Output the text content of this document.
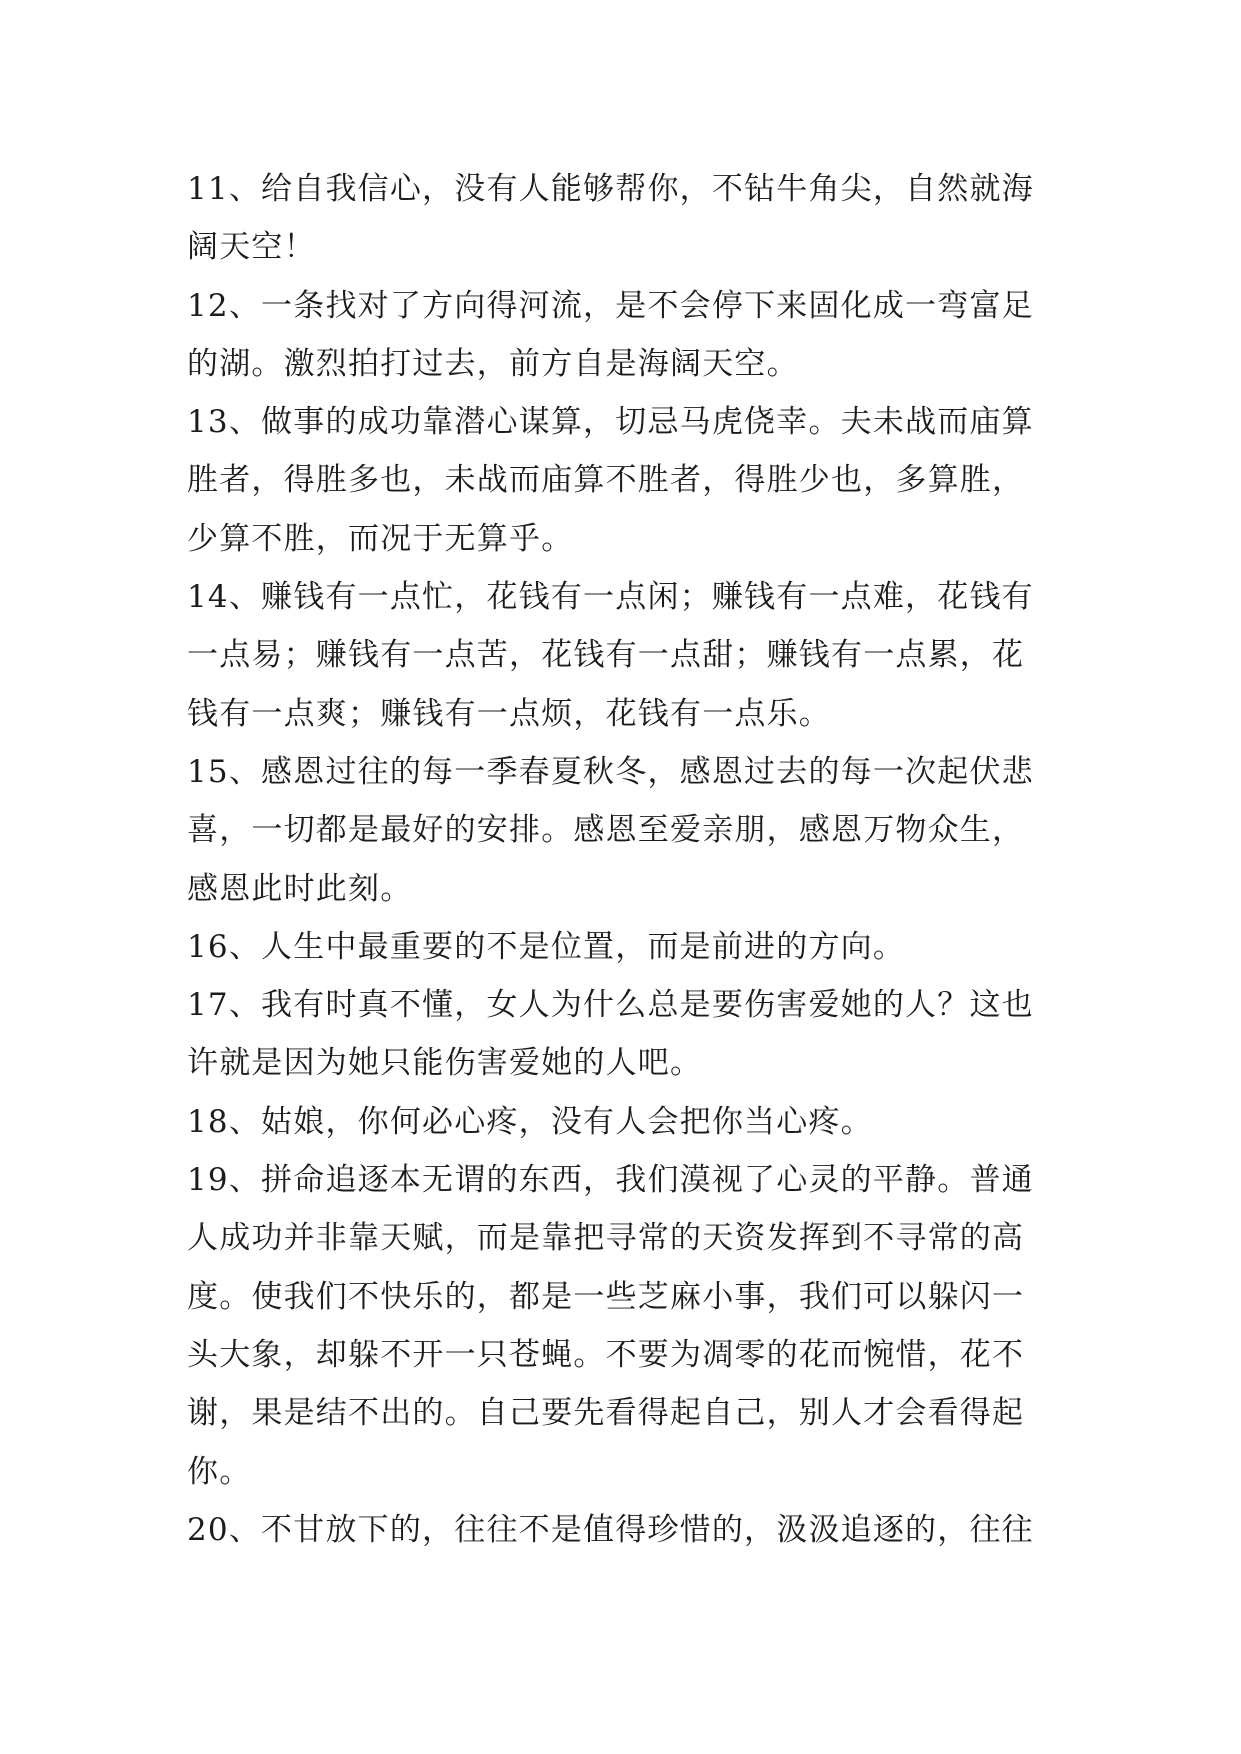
11、给自我信心，没有人能够帮你，不钻牛角尖，自然就海
阔天空！
12、一条找对了方向得河流，是不会停下来固化成一弯富足
的湖。激烈拍打过去，前方自是海阔天空。
13、做事的成功靠潜心谋算，切忌马虎侥幸。夫未战而庙算
胜者，得胜多也，未战而庙算不胜者，得胜少也，多算胜，
少算不胜，而况于无算乎。
14、赚钱有一点忙，花钱有一点闲；赚钱有一点难，花钱有
一点易；赚钱有一点苦，花钱有一点甜；赚钱有一点累，花
钱有一点爽；赚钱有一点烦，花钱有一点乐。
15、感恩过往的每一季春夏秋冬，感恩过去的每一次起伏悲
喜，一切都是最好的安排。感恩至爱亲朋，感恩万物众生，
感恩此时此刻。
16、人生中最重要的不是位置，而是前进的方向。
17、我有时真不懂，女人为什么总是要伤害爱她的人？这也
许就是因为她只能伤害爱她的人吧。
18、姑娘，你何必心疼，没有人会把你当心疼。
19、拼命追逐本无谓的东西，我们漠视了心灵的平静。普通
人成功并非靠天赋，而是靠把寻常的天资发挥到不寻常的高
度。使我们不快乐的，都是一些芝麻小事，我们可以躲闪一
头大象，却躲不开一只苍蝇。不要为凋零的花而惋惜，花不
谢，果是结不出的。自己要先看得起自己，别人才会看得起
你。
20、不甘放下的，往往不是值得珍惜的，汲汲追逐的，往往
